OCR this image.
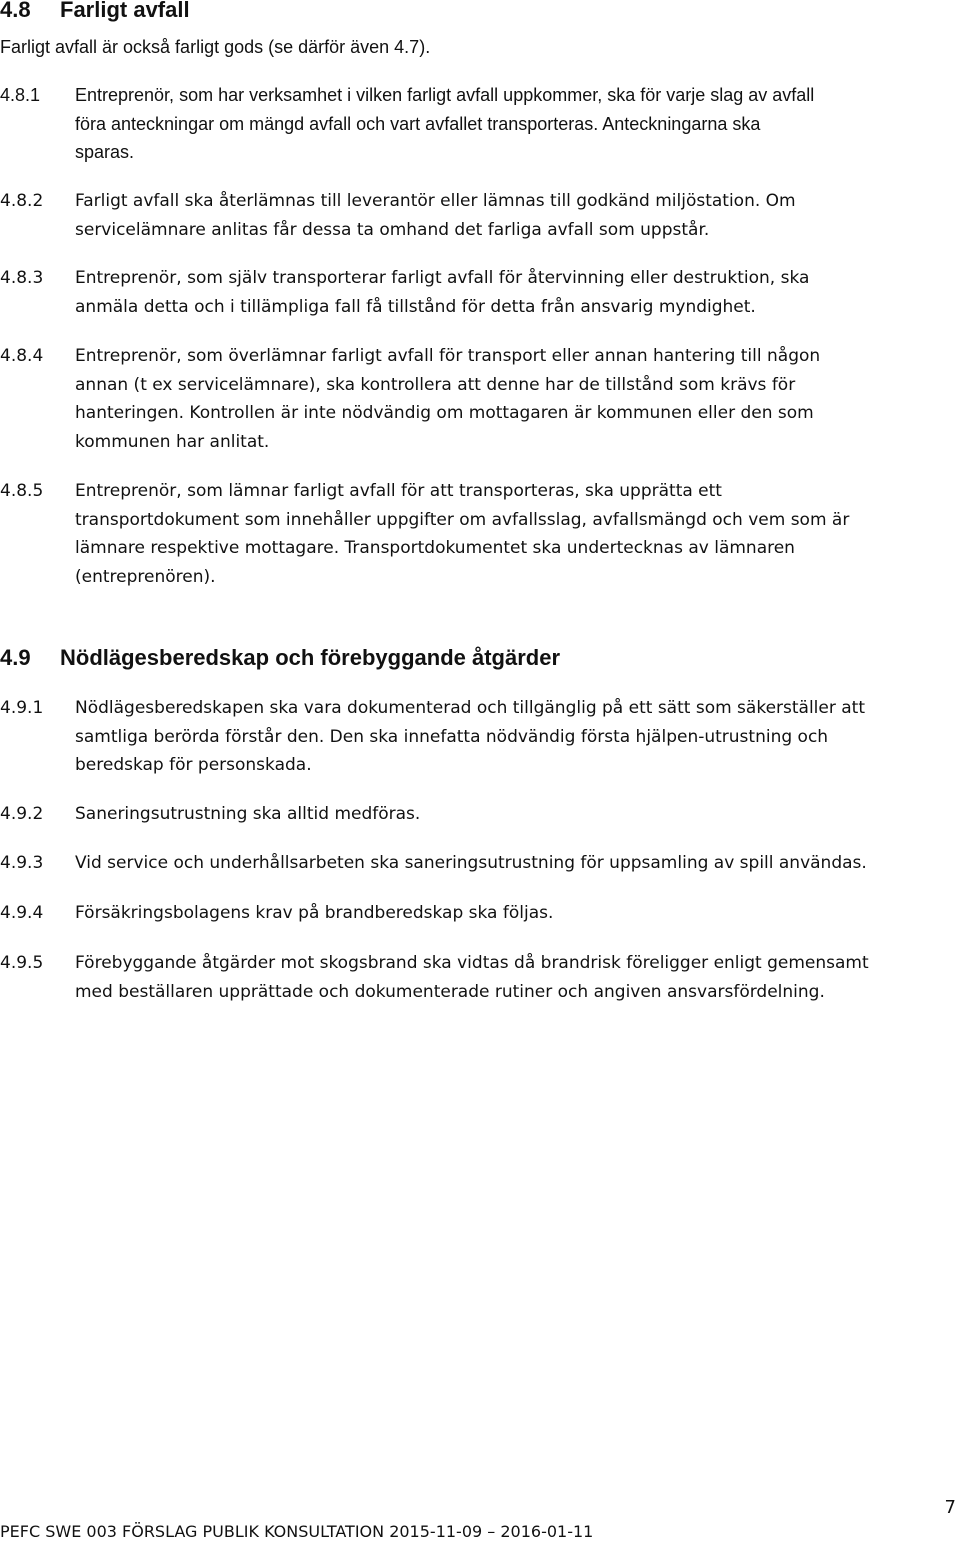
4.8 Farligt avfall

Farligt avfall är också farligt gods (se därför även 4.7).

4.8.1	Entreprenör, som har verksamhet i vilken farligt avfall uppkommer, ska för varje slag av avfall
föra anteckningar om mängd avfall och vart avfallet transporteras. Anteckningarna ska
sparas.
4.8.2	Farligt avfall ska återlämnas till leverantör eller lämnas till godkänd miljöstation. Om
servicelämnare anlitas får dessa ta omhand det farliga avfall som uppstår.
4.8.3	Entreprenör, som själv transporterar farligt avfall för återvinning eller destruktion, ska
anmäla detta och i tillämpliga fall få tillstånd för detta från ansvarig myndighet.
4.8.4	Entreprenör, som överlämnar farligt avfall för transport eller annan hantering till någon
annan (t ex servicelämnare), ska kontrollera att denne har de tillstånd som krävs för
hanteringen. Kontrollen är inte nödvändig om mottagaren är kommunen eller den som
kommunen har anlitat.
4.8.5	Entreprenör, som lämnar farligt avfall för att transporteras, ska upprätta ett
transportdokument som innehåller uppgifter om avfallsslag, avfallsmängd och vem som är
lämnare respektive mottagare. Transportdokumentet ska undertecknas av lämnaren
(entreprenören).
4.9 Nödlägesberedskap och förebyggande åtgärder
4.9.1	Nödlägesberedskapen ska vara dokumenterad och tillgänglig på ett sätt som säkerställer att
samtliga berörda förstår den. Den ska innefatta nödvändig första hjälpen-utrustning och
beredskap för personskada.
4.9.2	Saneringsutrustning ska alltid medföras.
4.9.3	Vid service och underhållsarbeten ska saneringsutrustning för uppsamling av spill användas.
4.9.4	Försäkringsbolagens krav på brandberedskap ska följas.
4.9.5	Förebyggande åtgärder mot skogsbrand ska vidtas då brandrisk föreligger enligt gemensamt
med beställaren upprättade och dokumenterade rutiner och angiven ansvarsfördelning.
7
PEFC SWE 003 FÖRSLAG PUBLIK KONSULTATION 2015-11-09 – 2016-01-11
